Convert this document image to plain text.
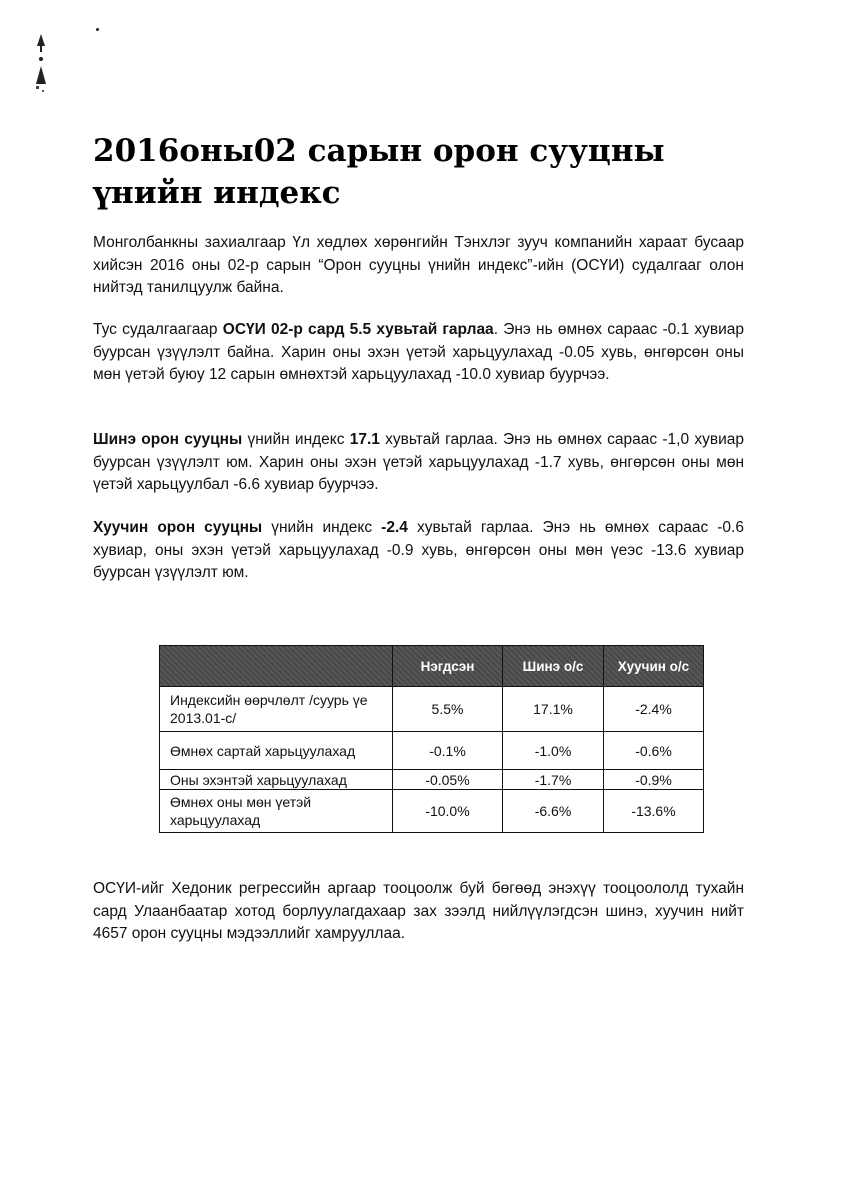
2016оны02 сарын орон сууцны үнийн индекс

Монголбанкны захиалгаар Үл хөдлөх хөрөнгийн Тэнхлэг зууч компанийн хараат бусаар хийсэн 2016 оны 02-р сарын “Орон сууцны үнийн индекс”-ийн (ОСҮИ) судалгааг олон нийтэд танилцуулж байна.

Тус судалгаагаар ОСҮИ 02-р сард 5.5 хувьтай гарлаа. Энэ нь өмнөх сараас -0.1 хувиар буурсан үзүүлэлт байна. Харин оны эхэн үетэй харьцуулахад -0.05 хувь, өнгөрсөн оны мөн үетэй буюу 12 сарын өмнөхтэй харьцуулахад -10.0 хувиар буурчээ.

Шинэ орон сууцны үнийн индекс 17.1 хувьтай гарлаа. Энэ нь өмнөх сараас -1,0 хувиар буурсан үзүүлэлт юм. Харин оны эхэн үетэй харьцуулахад -1.7 хувь, өнгөрсөн оны мөн үетэй харьцуулбал -6.6 хувиар буурчээ.

Хуучин орон сууцны үнийн индекс -2.4 хувьтай гарлаа. Энэ нь өмнөх сараас -0.6 хувиар, оны эхэн үетэй харьцуулахад -0.9 хувь, өнгөрсөн оны мөн үеэс -13.6 хувиар буурсан үзүүлэлт юм.

	Нэгдсэн	Шинэ о/с	Хуучин о/с
Индексийн өөрчлөлт /суурь үе 2013.01-с/	5.5%	17.1%	-2.4%
Өмнөх сартай харьцуулахад	-0.1%	-1.0%	-0.6%
Оны эхэнтэй харьцуулахад	-0.05%	-1.7%	-0.9%
Өмнөх оны мөн үетэй харьцуулахад	-10.0%	-6.6%	-13.6%

ОСҮИ-ийг Хедоник регрессийн аргаар тооцоолж буй бөгөөд энэхүү тооцоололд тухайн сард Улаанбаатар хотод борлуулагдахаар зах зээлд нийлүүлэгдсэн шинэ, хуучин нийт 4657 орон сууцны мэдээллийг хамрууллаа.
